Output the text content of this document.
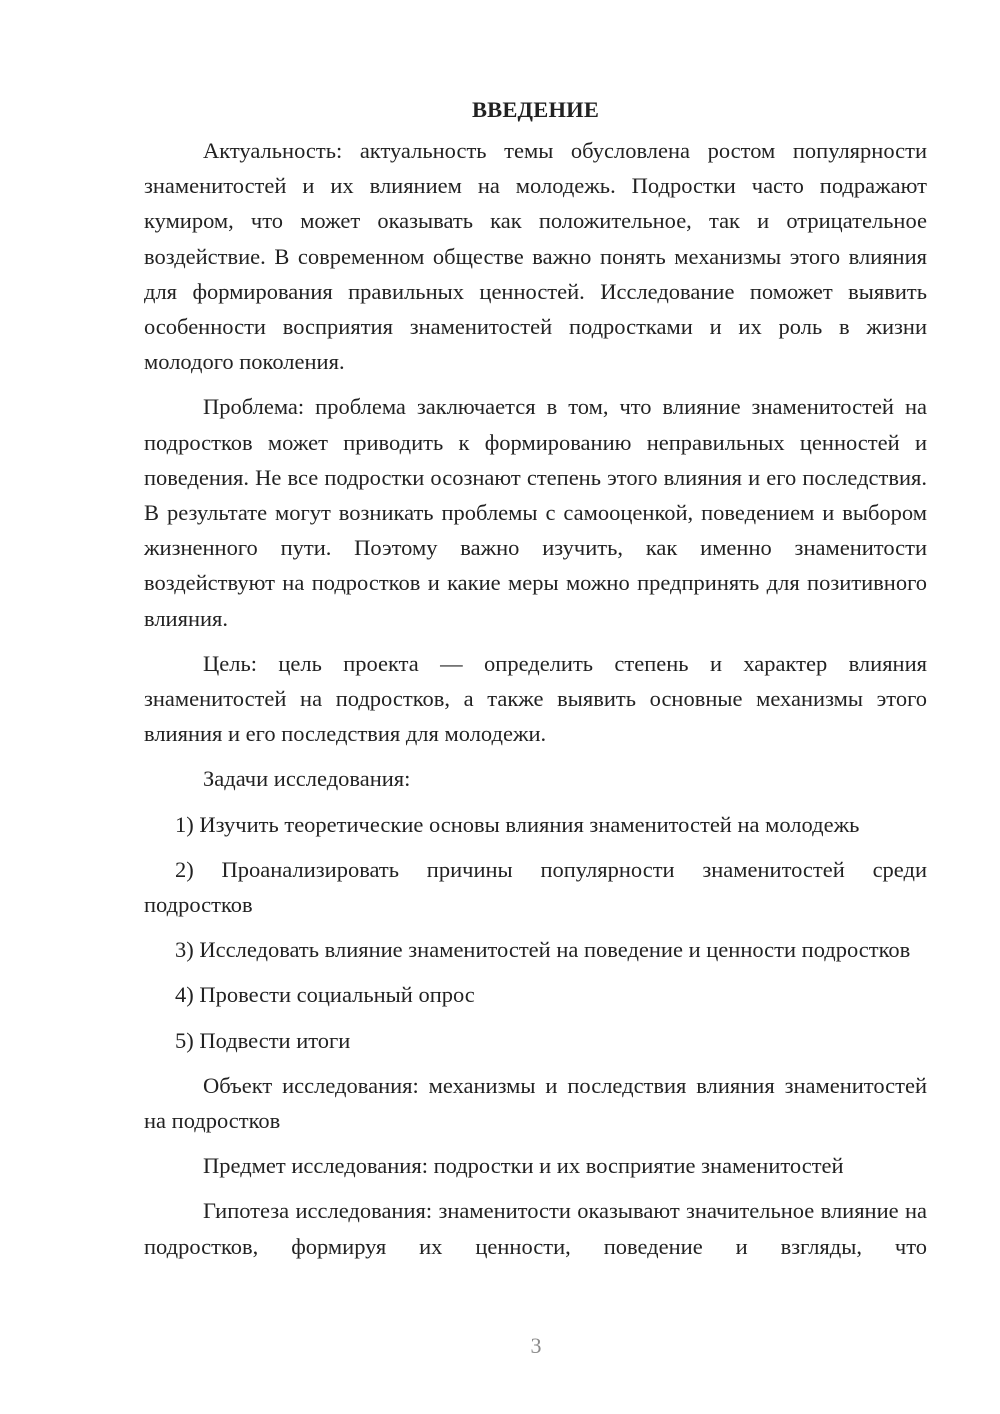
ВВЕДЕНИЕ

Актуальность: актуальность темы обусловлена ростом популярности знаменитостей и их влиянием на молодежь. Подростки часто подражают кумиром, что может оказывать как положительное, так и отрицательное воздействие. В современном обществе важно понять механизмы этого влияния для формирования правильных ценностей. Исследование поможет выявить особенности восприятия знаменитостей подростками и их роль в жизни молодого поколения.

Проблема: проблема заключается в том, что влияние знаменитостей на подростков может приводить к формированию неправильных ценностей и поведения. Не все подростки осознают степень этого влияния и его последствия. В результате могут возникать проблемы с самооценкой, поведением и выбором жизненного пути. Поэтому важно изучить, как именно знаменитости воздействуют на подростков и какие меры можно предпринять для позитивного влияния.

Цель: цель проекта — определить степень и характер влияния знаменитостей на подростков, а также выявить основные механизмы этого влияния и его последствия для молодежи.

Задачи исследования:

1) Изучить теоретические основы влияния знаменитостей на молодежь

2) Проанализировать причины популярности знаменитостей среди подростков

3) Исследовать влияние знаменитостей на поведение и ценности подростков

4) Провести социальный опрос

5) Подвести итоги

Объект исследования: механизмы и последствия влияния знаменитостей на подростков

Предмет исследования: подростки и их восприятие знаменитостей

Гипотеза исследования: знаменитости оказывают значительное влияние на подростков, формируя их ценности, поведение и взгляды, что

3
